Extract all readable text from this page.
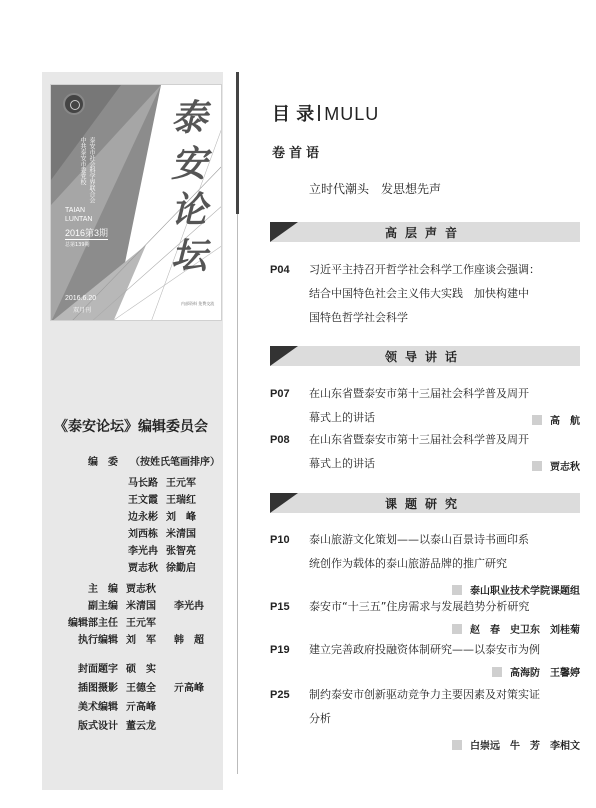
中共泰安市委党校 泰安市社会科学界联合会
泰
安
论
坛
TAIAN
LUNTAN
2016第3期
总第139期
2016.6.20
双月刊
内部资料 免费交流
《泰安论坛》编辑委员会
编　委 （按姓氏笔画排序）
马长路 王元军
王文霞 王瑞红
边永彬 刘　峰
刘西栋 米清国
李光冉 张智亮
贾志秋 徐勤启
主　编 贾志秋
副主编 米清国 李光冉
编辑部主任 王元军
执行编辑 刘　军 韩　超
封面题字 硕　实
插图摄影 王德全 亓高峰
美术编辑 亓高峰
版式设计 董云龙
目 录 MULU
卷首语
立时代潮头　发思想先声
高层声音
P04 习近平主持召开哲学社会科学工作座谈会强调：
结合中国特色社会主义伟大实践　加快构建中
国特色哲学社会科学
领导讲话
P07 在山东省暨泰安市第十三届社会科学普及周开
幕式上的讲话	高　航
P08 在山东省暨泰安市第十三届社会科学普及周开
幕式上的讲话	贾志秋
课题研究
P10 泰山旅游文化策划——以泰山百景诗书画印系
统创作为载体的泰山旅游品牌的推广研究
泰山职业技术学院课题组
P15 泰安市“十三五”住房需求与发展趋势分析研究
赵　春　史卫东　刘桂菊
P19 建立完善政府投融资体制研究——以泰安市为例
高海防　王馨婷
P25 制约泰安市创新驱动竞争力主要因素及对策实证
分析
白崇远　牛　芳　李相文
